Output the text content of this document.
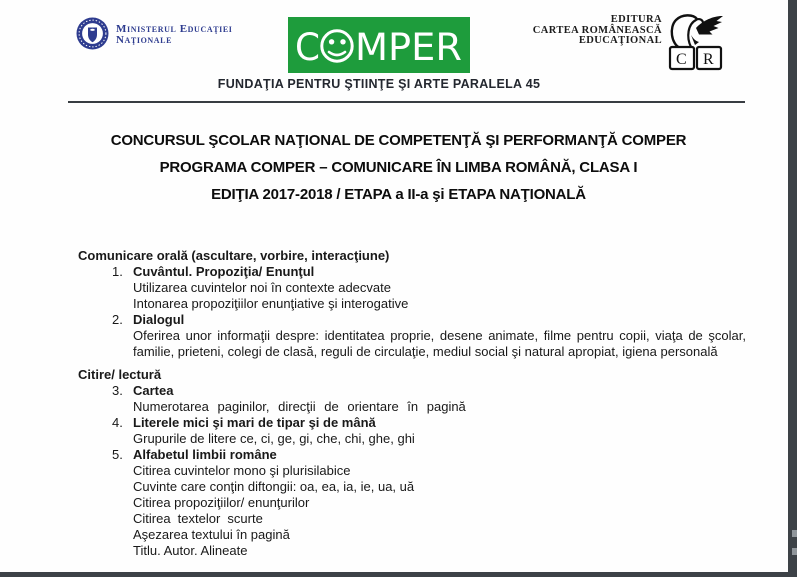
Ministerul Educaţiei
Naţionale	C MPER
EDITURA
CARTEA ROMÂNEASCĂ
EDUCAŢIONAL
C R
FUNDAŢIA PENTRU ŞTIINŢE ŞI ARTE PARALELA 45
CONCURSUL ŞCOLAR NAŢIONAL DE COMPETENŢĂ ŞI PERFORMANŢĂ COMPER
PROGRAMA COMPER – COMUNICARE ÎN LIMBA ROMÂNĂ, CLASA I
EDIŢIA 2017-2018 / ETAPA a II-a şi ETAPA NAŢIONALĂ
Comunicare orală (ascultare, vorbire, interacţiune)
1. Cuvântul. Propoziţia/ Enunţul
Utilizarea cuvintelor noi în contexte adecvate
Intonarea propoziţiilor enunţiative şi interogative
2. Dialogul
Oferirea unor informaţii despre: identitatea proprie, desene animate, filme pentru copii, viaţa de şcolar, familie, prieteni, colegi de clasă, reguli de circulaţie, mediul social şi natural apropiat, igiena personală
Citire/ lectură
3. Cartea
Numerotarea paginilor, direcţii de orientare în pagină
4. Literele mici şi mari de tipar şi de mână
Grupurile de litere ce, ci, ge, gi, che, chi, ghe, ghi
5. Alfabetul limbii române
Citirea cuvintelor mono şi plurisilabice
Cuvinte care conţin diftongii: oa, ea, ia, ie, ua, uă
Citirea propoziţiilor/ enunţurilor
Citirea textelor scurte
Aşezarea textului în pagină
Titlu. Autor. Alineate
